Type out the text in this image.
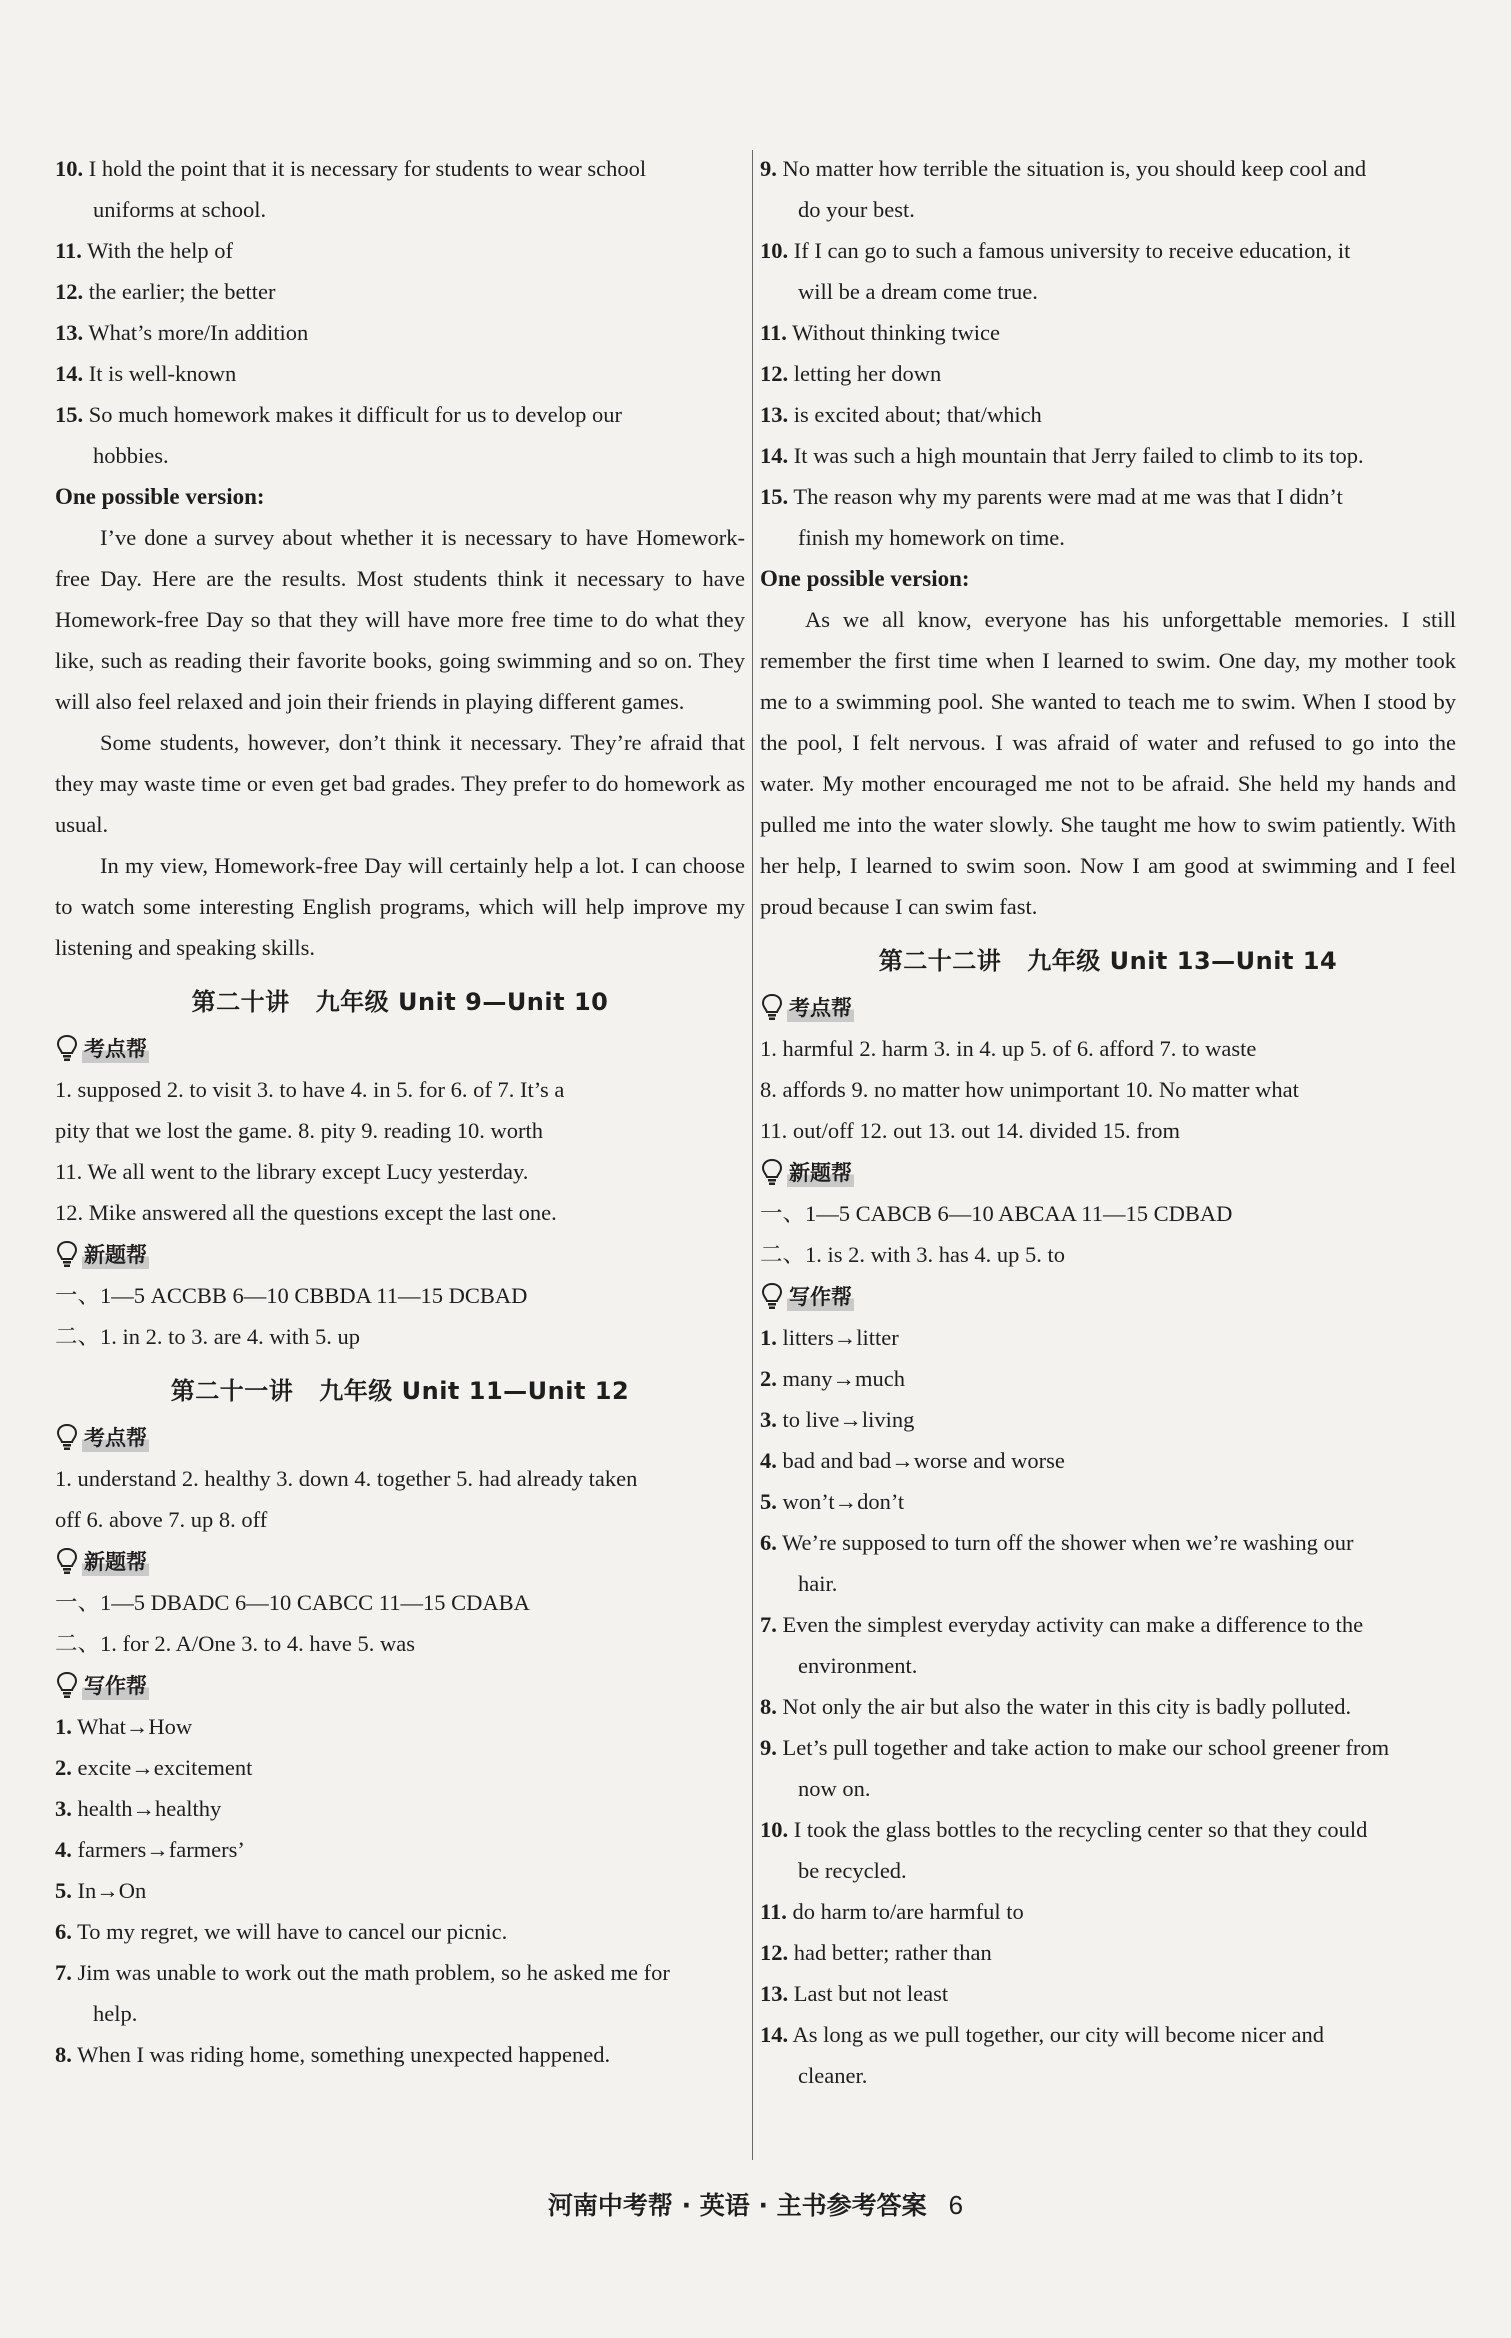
10. I hold the point that it is necessary for students to wear school
uniforms at school.
11. With the help of
12. the earlier; the better
13. What’s more/In addition
14. It is well-known
15. So much homework makes it difficult for us to develop our
hobbies.
One possible version:
I’ve done a survey about whether it is necessary to have Homework-free Day. Here are the results. Most students think it necessary to have Homework-free Day so that they will have more free time to do what they like, such as reading their favorite books, going swimming and so on. They will also feel relaxed and join their friends in playing different games.
Some students, however, don’t think it necessary. They’re afraid that they may waste time or even get bad grades. They prefer to do homework as usual.
In my view, Homework-free Day will certainly help a lot. I can choose to watch some interesting English programs, which will help improve my listening and speaking skills.
第二十讲 九年级 Unit 9—Unit 10
考点帮
1. supposed 2. to visit 3. to have 4. in 5. for 6. of 7. It’s a
pity that we lost the game. 8. pity 9. reading 10. worth
11. We all went to the library except Lucy yesterday.
12. Mike answered all the questions except the last one.
新题帮
一、1—5 ACCBB 6—10 CBBDA 11—15 DCBAD
二、1. in 2. to 3. are 4. with 5. up
第二十一讲 九年级 Unit 11—Unit 12
考点帮
1. understand 2. healthy 3. down 4. together 5. had already taken
off 6. above 7. up 8. off
新题帮
一、1—5 DBADC 6—10 CABCC 11—15 CDABA
二、1. for 2. A/One 3. to 4. have 5. was
写作帮
1. What→How
2. excite→excitement
3. health→healthy
4. farmers→farmers’
5. In→On
6. To my regret, we will have to cancel our picnic.
7. Jim was unable to work out the math problem, so he asked me for
help.
8. When I was riding home, something unexpected happened.
9. No matter how terrible the situation is, you should keep cool and
do your best.
10. If I can go to such a famous university to receive education, it
will be a dream come true.
11. Without thinking twice
12. letting her down
13. is excited about; that/which
14. It was such a high mountain that Jerry failed to climb to its top.
15. The reason why my parents were mad at me was that I didn’t
finish my homework on time.
One possible version:
As we all know, everyone has his unforgettable memories. I still remember the first time when I learned to swim. One day, my mother took me to a swimming pool. She wanted to teach me to swim. When I stood by the pool, I felt nervous. I was afraid of water and refused to go into the water. My mother encouraged me not to be afraid. She held my hands and pulled me into the water slowly. She taught me how to swim patiently. With her help, I learned to swim soon. Now I am good at swimming and I feel proud because I can swim fast.
第二十二讲 九年级 Unit 13—Unit 14
考点帮
1. harmful 2. harm 3. in 4. up 5. of 6. afford 7. to waste
8. affords 9. no matter how unimportant 10. No matter what
11. out/off 12. out 13. out 14. divided 15. from
新题帮
一、1—5 CABCB 6—10 ABCAA 11—15 CDBAD
二、1. is 2. with 3. has 4. up 5. to
写作帮
1. litters→litter
2. many→much
3. to live→living
4. bad and bad→worse and worse
5. won’t→don’t
6. We’re supposed to turn off the shower when we’re washing our
hair.
7. Even the simplest everyday activity can make a difference to the
environment.
8. Not only the air but also the water in this city is badly polluted.
9. Let’s pull together and take action to make our school greener from
now on.
10. I took the glass bottles to the recycling center so that they could
be recycled.
11. do harm to/are harmful to
12. had better; rather than
13. Last but not least
14. As long as we pull together, our city will become nicer and
cleaner.
河南中考帮 · 英语 · 主书参考答案 6
